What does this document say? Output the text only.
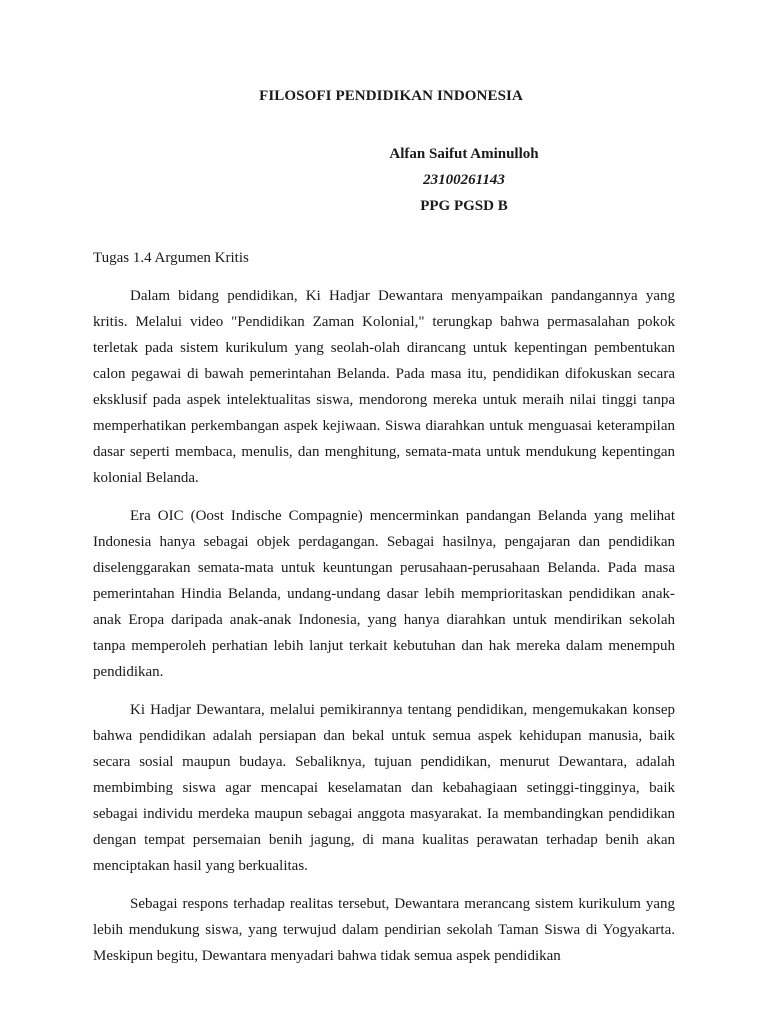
FILOSOFI PENDIDIKAN INDONESIA
Alfan Saifut Aminulloh
23100261143
PPG PGSD B
Tugas 1.4 Argumen Kritis

Dalam bidang pendidikan, Ki Hadjar Dewantara menyampaikan pandangannya yang kritis. Melalui video "Pendidikan Zaman Kolonial," terungkap bahwa permasalahan pokok terletak pada sistem kurikulum yang seolah-olah dirancang untuk kepentingan pembentukan calon pegawai di bawah pemerintahan Belanda. Pada masa itu, pendidikan difokuskan secara eksklusif pada aspek intelektualitas siswa, mendorong mereka untuk meraih nilai tinggi tanpa memperhatikan perkembangan aspek kejiwaan. Siswa diarahkan untuk menguasai keterampilan dasar seperti membaca, menulis, dan menghitung, semata-mata untuk mendukung kepentingan kolonial Belanda.

Era OIC (Oost Indische Compagnie) mencerminkan pandangan Belanda yang melihat Indonesia hanya sebagai objek perdagangan. Sebagai hasilnya, pengajaran dan pendidikan diselenggarakan semata-mata untuk keuntungan perusahaan-perusahaan Belanda. Pada masa pemerintahan Hindia Belanda, undang-undang dasar lebih memprioritaskan pendidikan anak-anak Eropa daripada anak-anak Indonesia, yang hanya diarahkan untuk mendirikan sekolah tanpa memperoleh perhatian lebih lanjut terkait kebutuhan dan hak mereka dalam menempuh pendidikan.

Ki Hadjar Dewantara, melalui pemikirannya tentang pendidikan, mengemukakan konsep bahwa pendidikan adalah persiapan dan bekal untuk semua aspek kehidupan manusia, baik secara sosial maupun budaya. Sebaliknya, tujuan pendidikan, menurut Dewantara, adalah membimbing siswa agar mencapai keselamatan dan kebahagiaan setinggi-tingginya, baik sebagai individu merdeka maupun sebagai anggota masyarakat. Ia membandingkan pendidikan dengan tempat persemaian benih jagung, di mana kualitas perawatan terhadap benih akan menciptakan hasil yang berkualitas.

Sebagai respons terhadap realitas tersebut, Dewantara merancang sistem kurikulum yang lebih mendukung siswa, yang terwujud dalam pendirian sekolah Taman Siswa di Yogyakarta. Meskipun begitu, Dewantara menyadari bahwa tidak semua aspek pendidikan
